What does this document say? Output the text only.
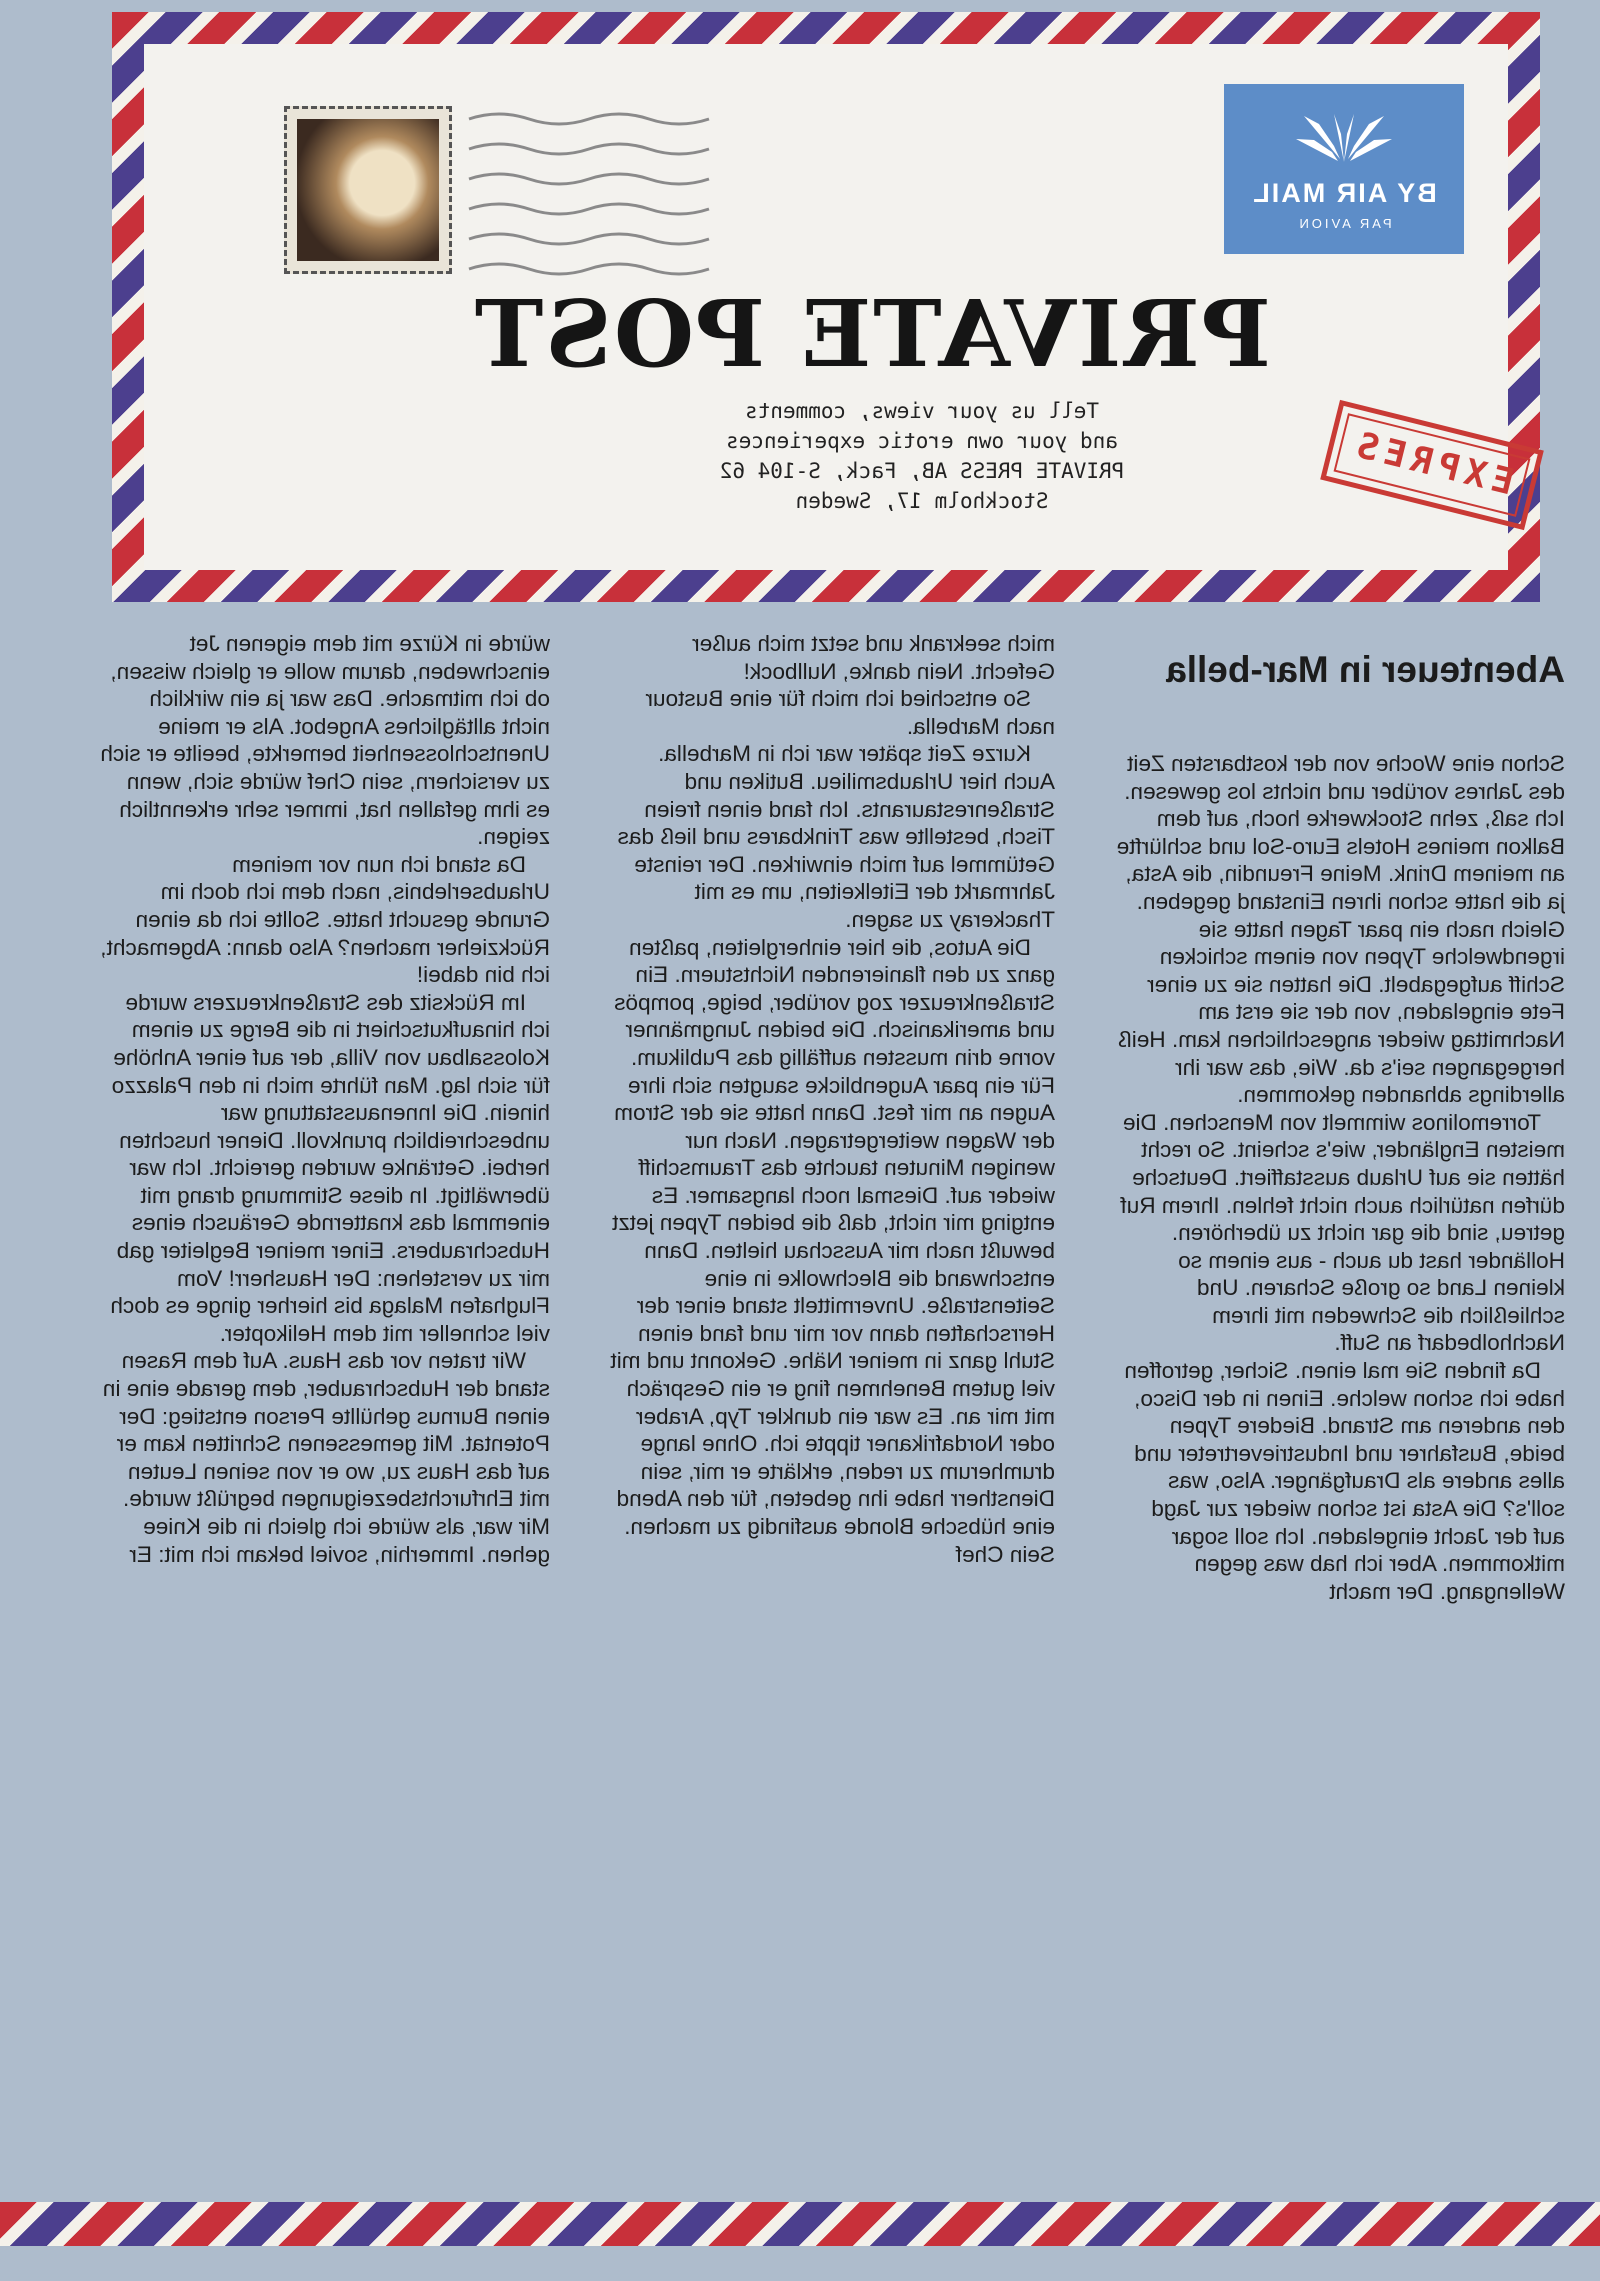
BY AIR MAIL
PAR AVION
PRIVATE POST
Tell us your views, comments
and your own erotic experiences
PRIVATE PRESS AB, Fack, S-104 62
Stockholm 17, Sweden	EXPRES
Abenteuer in Mar-bella

Schon eine Woche von der kostbarsten Zeit des Jahres vorüber und nichts los gewesen. Ich saß, zehn Stockwerke hoch, auf dem Balkon meines Hotels Euro-Sol und schlürfte an meinem Drink. Meine Freundin, die Asta, ja die hatte schon ihren Einstand gegeben. Gleich nach ein paar Tagen hatte sie irgendwelche Typen von einem schicken Schiff aufgegabelt. Die hatten sie zu einer Fete eingeladen, von der sie erst am Nachmittag wieder angeschlichen kam. Heiß hergegangen sei's da. Wie, das war ihr allerdings abhanden gekommen.

Torremolinos wimmelt von Menschen. Die meisten Engländer, wie's scheint. So recht hätten sie auf Urlaub ausstaffiert. Deutsche dürfen natürlich auch nicht fehlen. Ihrem Ruf getreu, sind die gar nicht zu überhören. Holländer hast du auch - aus einem so kleinen Land so große Scharen. Und schließlich die Schweden mit ihrem Nachholbedarf an Suff.

Da finden Sie mal einen. Sicher, getroffen habe ich schon welche. Einen in der Disco, den anderen am Strand. Biedere Typen beide, Busfahrer und Industrievertreter und alles andere als Draufgänger. Also, was soll's? Die Asta ist schon wieder zur Jagd auf der Jacht eingeladen. Ich soll sogar mitkommen. Aber ich hab was gegen Wellengang. Der macht

mich seekrank und setzt mich außer Gefecht. Nein danke, Nullbock!

So entschied ich mich für eine Bustour nach Marbella.

Kurze Zeit später war ich in Marbella. Auch hier Urlaubsmilieu. Butiken und Straßenrestaurants. Ich fand einen freien Tisch, bestellte was Trinkbares und ließ das Getümmel auf mich einwirken. Der reinste Jahrmarkt der Eitelkeiten, um es mit Thackeray zu sagen.

Die Autos, die hier einhergleiten, paßten ganz zu den flanierenden Nichtstuern. Ein Straßenkreuzer zog vorüber, beige, pompös und amerikanisch. Die beiden Jungmänner vorne drin mussten auffällig das Publikum. Für ein paar Augenblicke saugten sich ihre Augen an mir fest. Dann hatte sie der Strom der Wagen weitergetragen. Nach nur wenigen Minuten tauchte das Traumschiff wieder auf. Diesmal noch langsamer. Es entging mir nicht, daß die beiden Typen jetzt bewußt nach mir Ausschau hielten. Dann entschwand die Blechwolke in eine Seitenstraße. Unvermittelt stand einer der Herrschaften dann vor mir und fand einen Stuhl ganz in meiner Nähe. Gekonnt und mit viel gutem Benehmen fing er ein Gespräch mit mir an. Es war ein dunkler Typ, Araber oder Nordafrikaner tippte ich. Ohne lange drumherum zu reden, erklärte er mir, sein Dienstherr habe ihn gebeten, für den Abend eine hübsche Blonde ausfindig zu machen. Sein Chef

würde in Kürze mit dem eigenen Jet einschweben, darum wolle er gleich wissen, ob ich mitmache. Das war ja ein wirklich nicht alltägliches Angebot. Als er meine Unentschlossenheit bemerkte, beeilte er sich zu versichern, sein Chef würde sich, wenn es ihm gefallen hat, immer sehr erkenntlich zeigen.

Da stand ich nun vor meinem Urlaubserlebnis, nach dem ich doch im Grunde gesucht hatte. Sollte ich da einen Rückzieher machen? Also dann: Abgemacht, ich bin dabei!

Im Rücksitz des Straßenkreuzers wurde ich hinaufkutschiert in die Berge zu einem Kolossalbau von Villa, der auf einer Anhöhe für sich lag. Man führte mich in den Palazzo hinein. Die Innenausstattung war unbeschreiblich prunkvoll. Diener huschten herbei. Getränke wurden gereicht. Ich war überwältigt. In diese Stimmung drang mit einemmal das knatternde Geräusch eines Hubschraubers. Einer meiner Begleiter gab mir zu verstehen: Der Hausherr! Vom Flughafen Malaga bis hierher ginge es doch viel schneller mit dem Helikopter.

Wir traten vor das Haus. Auf dem Rasen stand der Hubschrauber, dem gerade eine in einen Burnus gehüllte Person entstieg: Der Potentat. Mit gemessenen Schritten kam er auf das Haus zu, wo er von seinen Leuten mit Ehrfurchtsbezeigungen begrüßt wurde. Mir war, als würde ich gleich in die Kniee gehen. Immerhin, soviel bekam ich mit: Er
